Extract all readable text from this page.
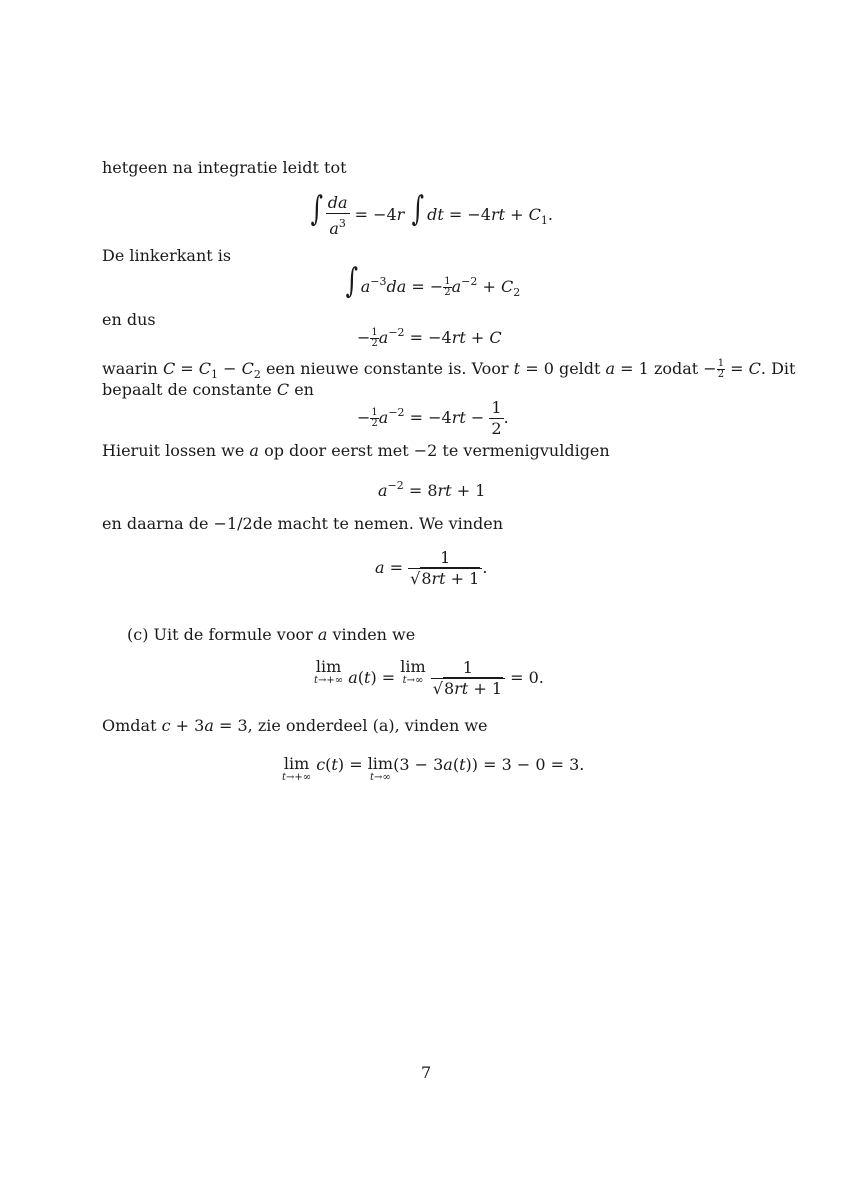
hetgeen na integratie leidt tot
∫ $\frac{da}{a^3} = -4r$ ∫ dt = $-4rt + C_1$.
De linkerkant is
∫ $a^{-3}da$ = − $\frac{1}{2} a^{-2} + C_2$
en dus
− $\frac{1}{2} a^{-2} = -4rt + C$
waarin $C = C_1 - C_2$ een nieuwe constante is. Voor t = 0 geldt a = 1 zodat − $\frac{1}{2} = C$. Dit
bepaalt de constante C en
− $\frac{1}{2} a^{-2} = -4rt - \frac{1}{2}$ .
Hieruit lossen we a op door eerst met −2 te vermenigvuldigen
$a^{-2} = 8rt + 1$
en daarna de −1/2de macht te nemen. We vinden
$a = \frac{1}{√8rt + 1}$ .
(c) Uit de formule voor a vinden we
lim
t→+∞ a(t) =
lim
t→∞
$\frac{1}{√8rt + 1} = 0$.
Omdat c + 3a = 3, zie onderdeel (a), vinden we
lim
t→+∞
c(t) = lim
t→∞
(3 − 3a(t)) = 3 − 0 = 3.
7
